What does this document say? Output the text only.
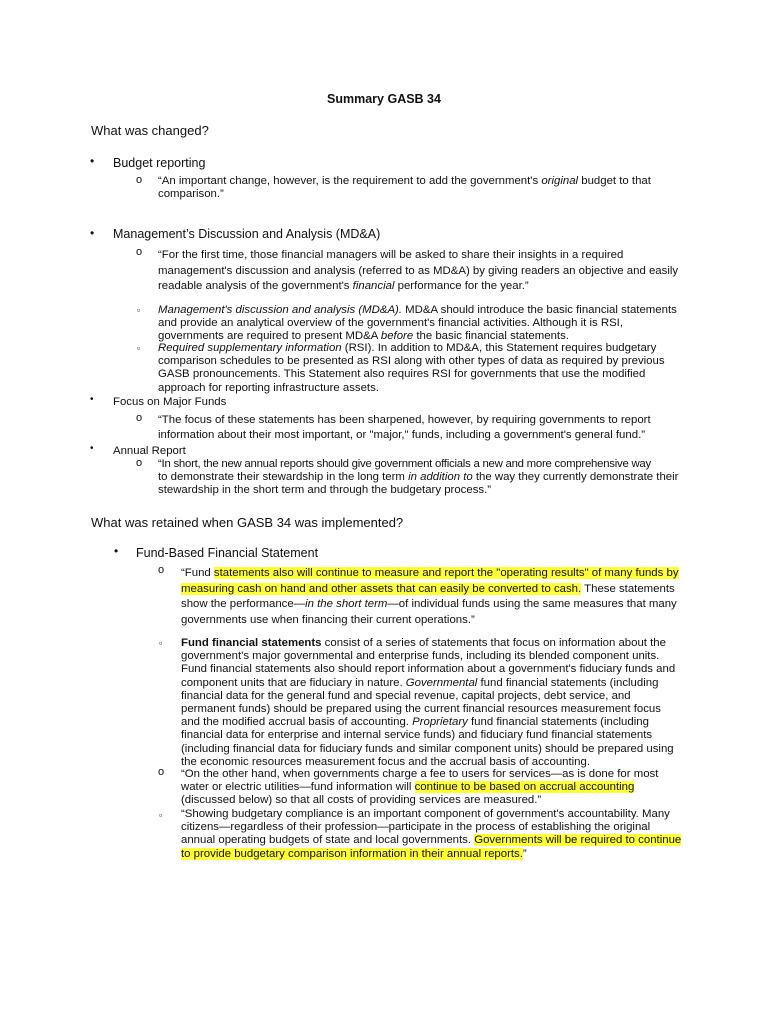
Summary GASB 34
What was changed?
• Budget reporting
o “An important change, however, is the requirement to add the government's original budget to that
comparison.”
• Management’s Discussion and Analysis (MD&A)
o “For the first time, those financial managers will be asked to share their insights in a required
management's discussion and analysis (referred to as MD&A) by giving readers an objective and easily
readable analysis of the government's financial performance for the year.”
▫ Management's discussion and analysis (MD&A). MD&A should introduce the basic financial statements
and provide an analytical overview of the government's financial activities. Although it is RSI,
governments are required to present MD&A before the basic financial statements.
▫ Required supplementary information (RSI). In addition to MD&A, this Statement requires budgetary
comparison schedules to be presented as RSI along with other types of data as required by previous
GASB pronouncements. This Statement also requires RSI for governments that use the modified
approach for reporting infrastructure assets.
• Focus on Major Funds
o “The focus of these statements has been sharpened, however, by requiring governments to report
information about their most important, or "major," funds, including a government's general fund.”
• Annual Report
o “In short, the new annual reports should give government officials a new and more comprehensive way
to demonstrate their stewardship in the long term in addition to the way they currently demonstrate their
stewardship in the short term and through the budgetary process.”
What was retained when GASB 34 was implemented?
• Fund-Based Financial Statement
o “Fund statements also will continue to measure and report the "operating results" of many funds by
measuring cash on hand and other assets that can easily be converted to cash. These statements
show the performance—in the short term—of individual funds using the same measures that many
governments use when financing their current operations.”
▫ Fund financial statements consist of a series of statements that focus on information about the
government's major governmental and enterprise funds, including its blended component units.
Fund financial statements also should report information about a government's fiduciary funds and
component units that are fiduciary in nature. Governmental fund financial statements (including
financial data for the general fund and special revenue, capital projects, debt service, and
permanent funds) should be prepared using the current financial resources measurement focus
and the modified accrual basis of accounting. Proprietary fund financial statements (including
financial data for enterprise and internal service funds) and fiduciary fund financial statements
(including financial data for fiduciary funds and similar component units) should be prepared using
the economic resources measurement focus and the accrual basis of accounting.
o “On the other hand, when governments charge a fee to users for services—as is done for most
water or electric utilities—fund information will continue to be based on accrual accounting
(discussed below) so that all costs of providing services are measured.”
▫ “Showing budgetary compliance is an important component of government's accountability. Many
citizens—regardless of their profession—participate in the process of establishing the original
annual operating budgets of state and local governments. Governments will be required to continue
to provide budgetary comparison information in their annual reports.”
